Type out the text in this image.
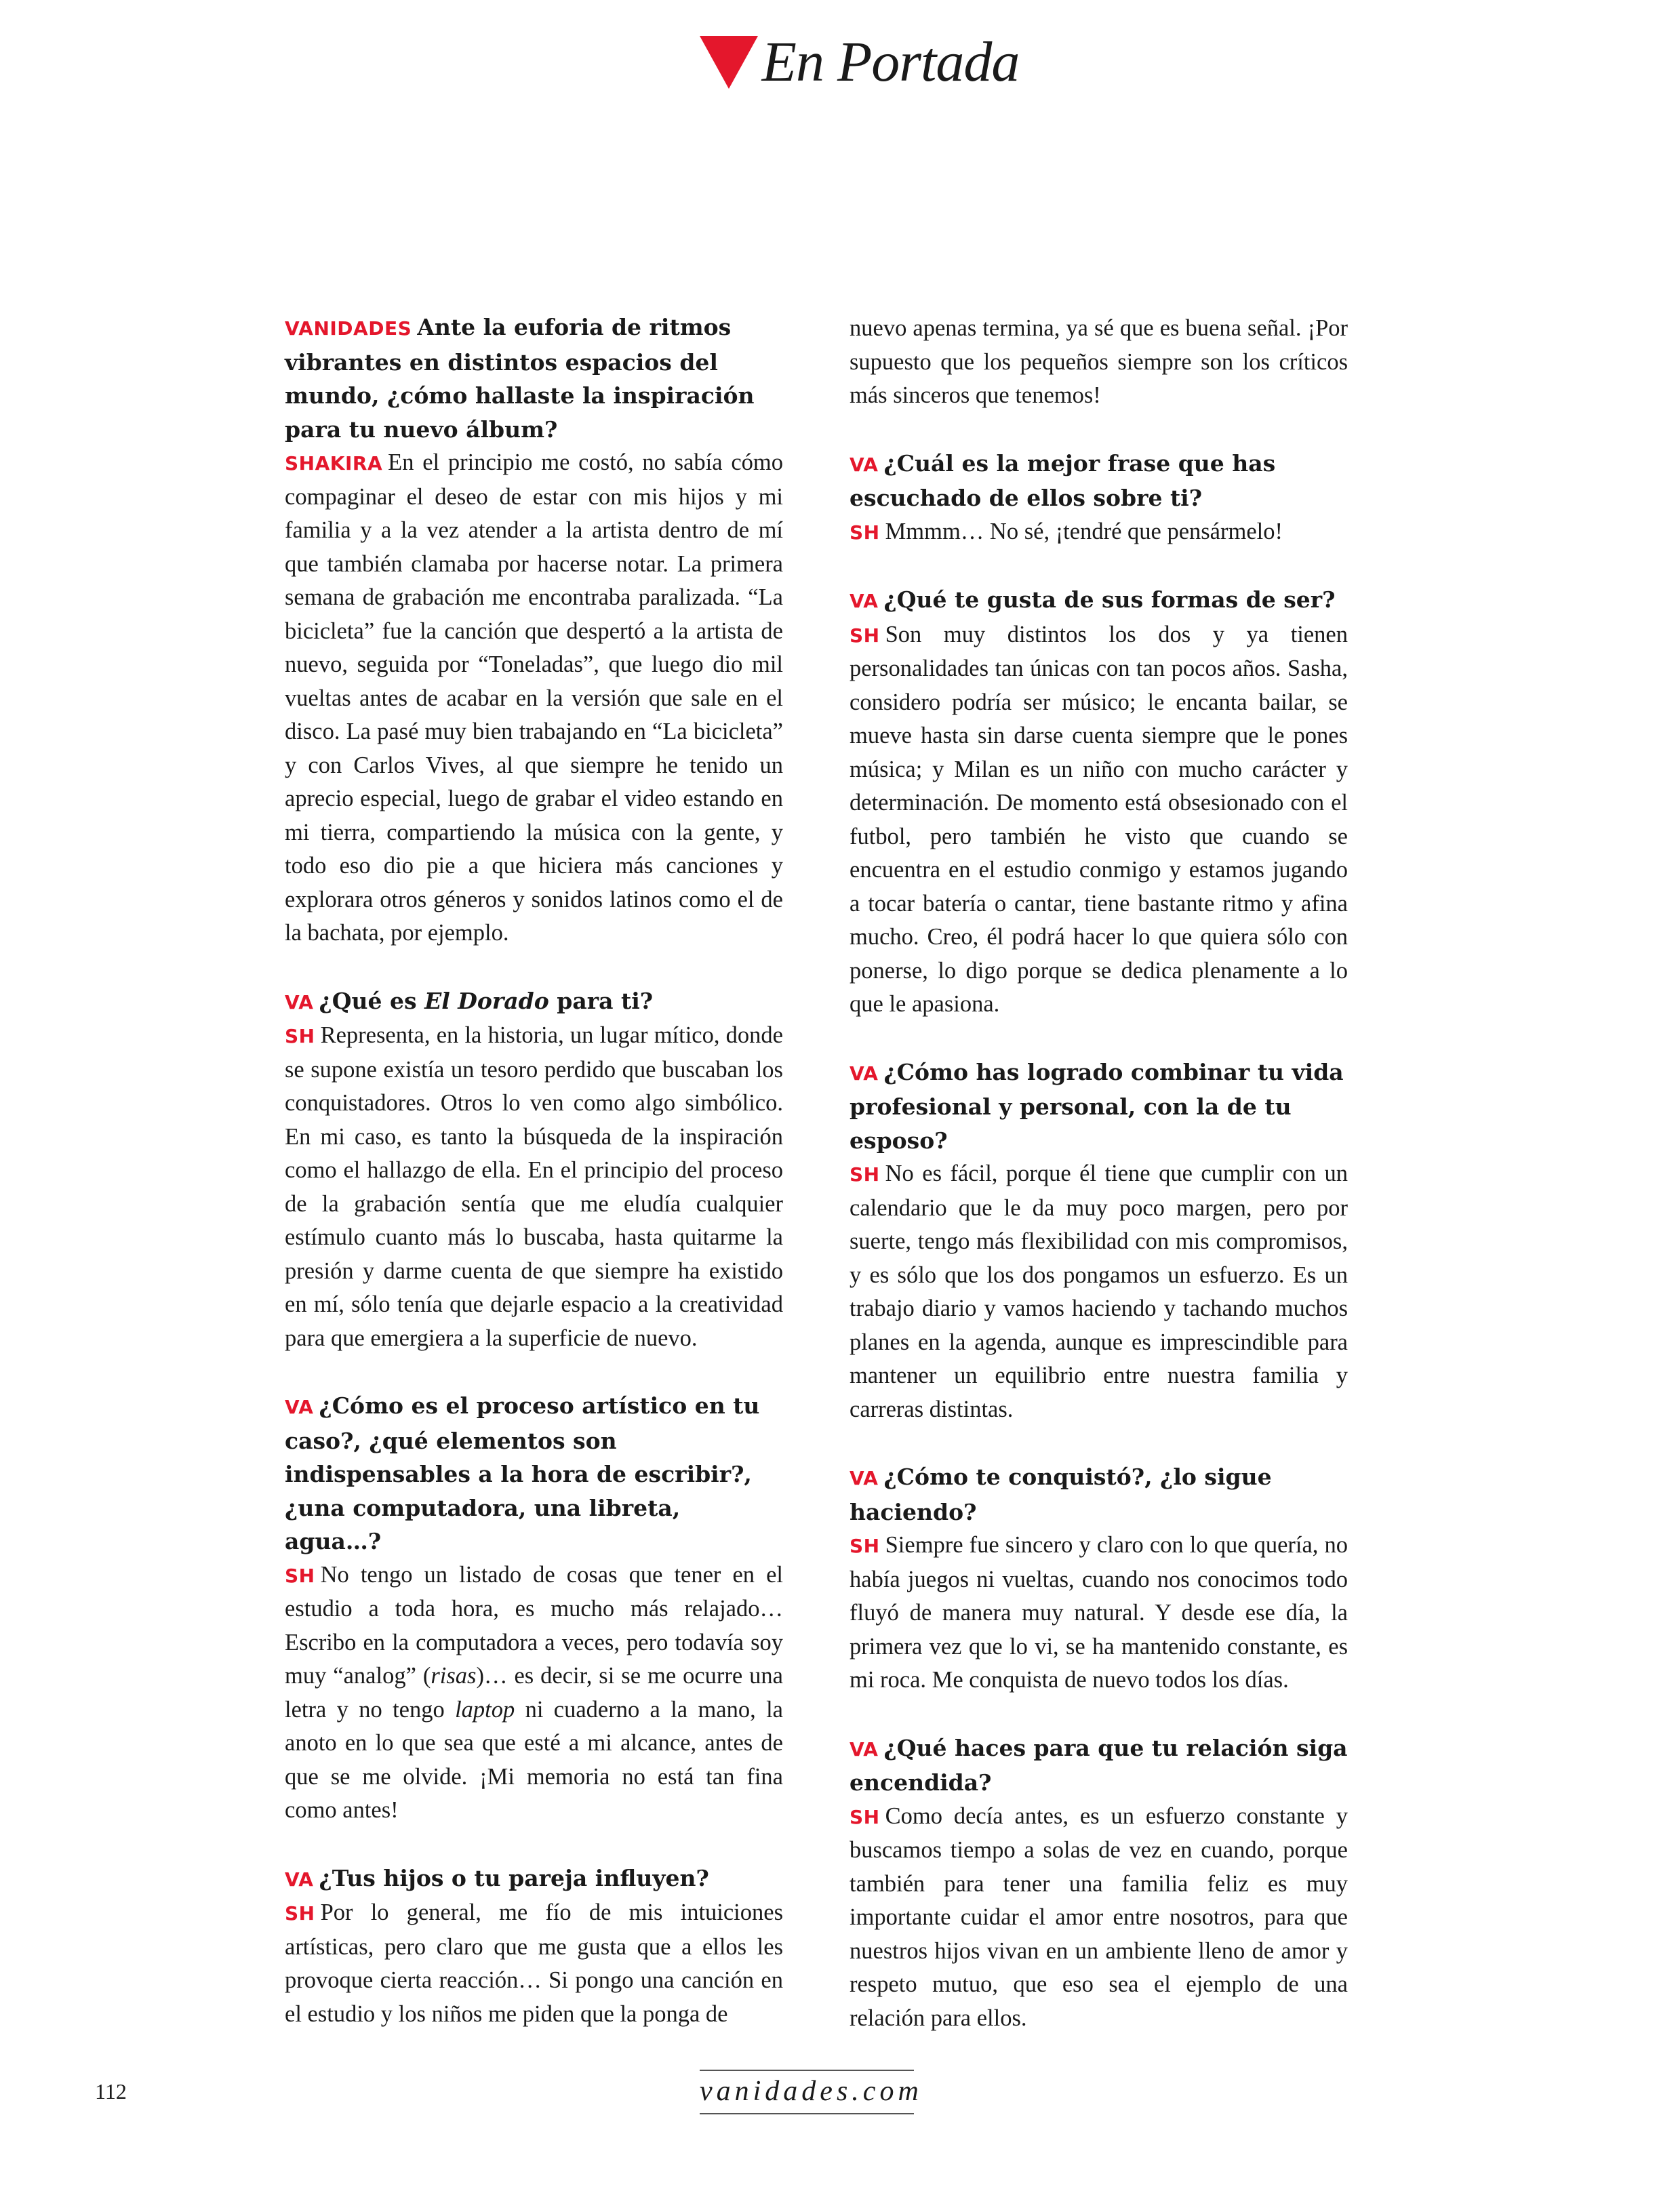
En Portada

VANIDADES Ante la euforia de ritmos vibrantes en distintos espacios del mundo, ¿cómo hallaste la inspiración para tu nuevo álbum?

SHAKIRA En el principio me costó, no sabía cómo compaginar el deseo de estar con mis hijos y mi familia y a la vez atender a la artista dentro de mí que también clamaba por hacerse notar. La primera semana de grabación me encontraba paralizada. “La bicicleta” fue la canción que despertó a la artista de nuevo, seguida por “Toneladas”, que luego dio mil vueltas antes de acabar en la versión que sale en el disco. La pasé muy bien trabajando en “La bicicleta” y con Carlos Vives, al que siempre he tenido un aprecio especial, luego de grabar el video estando en mi tierra, compartiendo la música con la gente, y todo eso dio pie a que hiciera más canciones y explorara otros géneros y sonidos latinos como el de la bachata, por ejemplo.

VA ¿Qué es El Dorado para ti?

SH Representa, en la historia, un lugar mítico, donde se supone existía un tesoro perdido que buscaban los conquistadores. Otros lo ven como algo simbólico. En mi caso, es tanto la búsqueda de la inspiración como el hallazgo de ella. En el principio del proceso de la grabación sentía que me eludía cualquier estímulo cuanto más lo buscaba, hasta quitarme la presión y darme cuenta de que siempre ha existido en mí, sólo tenía que dejarle espacio a la creatividad para que emergiera a la superficie de nuevo.

VA ¿Cómo es el proceso artístico en tu caso?, ¿qué elementos son indispensables a la hora de escribir?, ¿una computadora, una libreta, agua…?

SH No tengo un listado de cosas que tener en el estudio a toda hora, es mucho más relajado… Escribo en la computadora a veces, pero todavía soy muy “analog” (risas)… es decir, si se me ocurre una letra y no tengo laptop ni cuaderno a la mano, la anoto en lo que sea que esté a mi alcance, antes de que se me olvide. ¡Mi memoria no está tan fina como antes!

VA ¿Tus hijos o tu pareja influyen?

SH Por lo general, me fío de mis intuiciones artísticas, pero claro que me gusta que a ellos les provoque cierta reacción… Si pongo una canción en el estudio y los niños me piden que la ponga de

nuevo apenas termina, ya sé que es buena señal. ¡Por supuesto que los pequeños siempre son los críticos más sinceros que tenemos!

VA ¿Cuál es la mejor frase que has escuchado de ellos sobre ti?

SH Mmmm… No sé, ¡tendré que pensármelo!

VA ¿Qué te gusta de sus formas de ser?

SH Son muy distintos los dos y ya tienen personalidades tan únicas con tan pocos años. Sasha, considero podría ser músico; le encanta bailar, se mueve hasta sin darse cuenta siempre que le pones música; y Milan es un niño con mucho carácter y determinación. De momento está obsesionado con el futbol, pero también he visto que cuando se encuentra en el estudio conmigo y estamos jugando a tocar batería o cantar, tiene bastante ritmo y afina mucho. Creo, él podrá hacer lo que quiera sólo con ponerse, lo digo porque se dedica plenamente a lo que le apasiona.

VA ¿Cómo has logrado combinar tu vida profesional y personal, con la de tu esposo?

SH No es fácil, porque él tiene que cumplir con un calendario que le da muy poco margen, pero por suerte, tengo más flexibilidad con mis compromisos, y es sólo que los dos pongamos un esfuerzo. Es un trabajo diario y vamos haciendo y tachando muchos planes en la agenda, aunque es imprescindible para mantener un equilibrio entre nuestra familia y carreras distintas.

VA ¿Cómo te conquistó?, ¿lo sigue haciendo?

SH Siempre fue sincero y claro con lo que quería, no había juegos ni vueltas, cuando nos conocimos todo fluyó de manera muy natural. Y desde ese día, la primera vez que lo vi, se ha mantenido constante, es mi roca. Me conquista de nuevo todos los días.

VA ¿Qué haces para que tu relación siga encendida?

SH Como decía antes, es un esfuerzo constante y buscamos tiempo a solas de vez en cuando, porque también para tener una familia feliz es muy importante cuidar el amor entre nosotros, para que nuestros hijos vivan en un ambiente lleno de amor y respeto mutuo, que eso sea el ejemplo de una relación para ellos.

112	vanidades.com
